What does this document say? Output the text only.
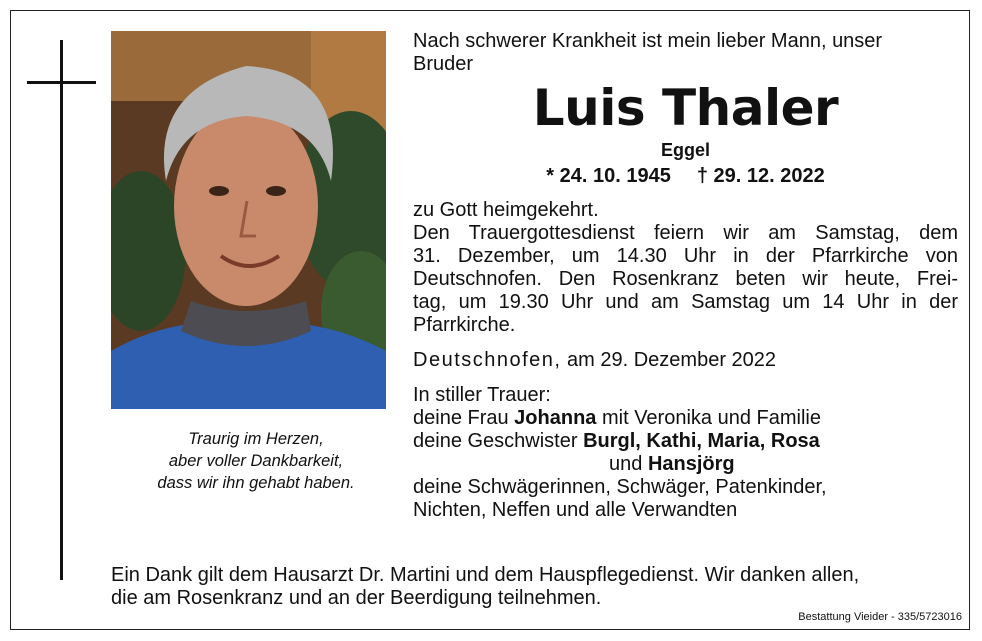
Traurig im Herzen,
aber voller Dankbarkeit,
dass wir ihn gehabt haben.
Nach schwerer Krankheit ist mein lieber Mann, unser
Bruder
Luis Thaler
Eggel
* 24. 10. 1945 † 29. 12. 2022
zu Gott heimgekehrt.
Den Trauergottesdienst feiern wir am Samstag, dem
31. Dezember, um 14.30 Uhr in der Pfarrkirche von
Deutschnofen. Den Rosenkranz beten wir heute, Frei-
tag, um 19.30 Uhr und am Samstag um 14 Uhr in der
Pfarrkirche.
Deutschnofen, am 29. Dezember 2022
In stiller Trauer:
deine Frau Johanna mit Veronika und Familie
deine Geschwister Burgl, Kathi, Maria, Rosa
und Hansjörg
deine Schwägerinnen, Schwäger, Patenkinder,
Nichten, Neffen und alle Verwandten
Ein Dank gilt dem Hausarzt Dr. Martini und dem Hauspflegedienst. Wir danken allen,
die am Rosenkranz und an der Beerdigung teilnehmen.
Bestattung Vieider - 335/5723016
